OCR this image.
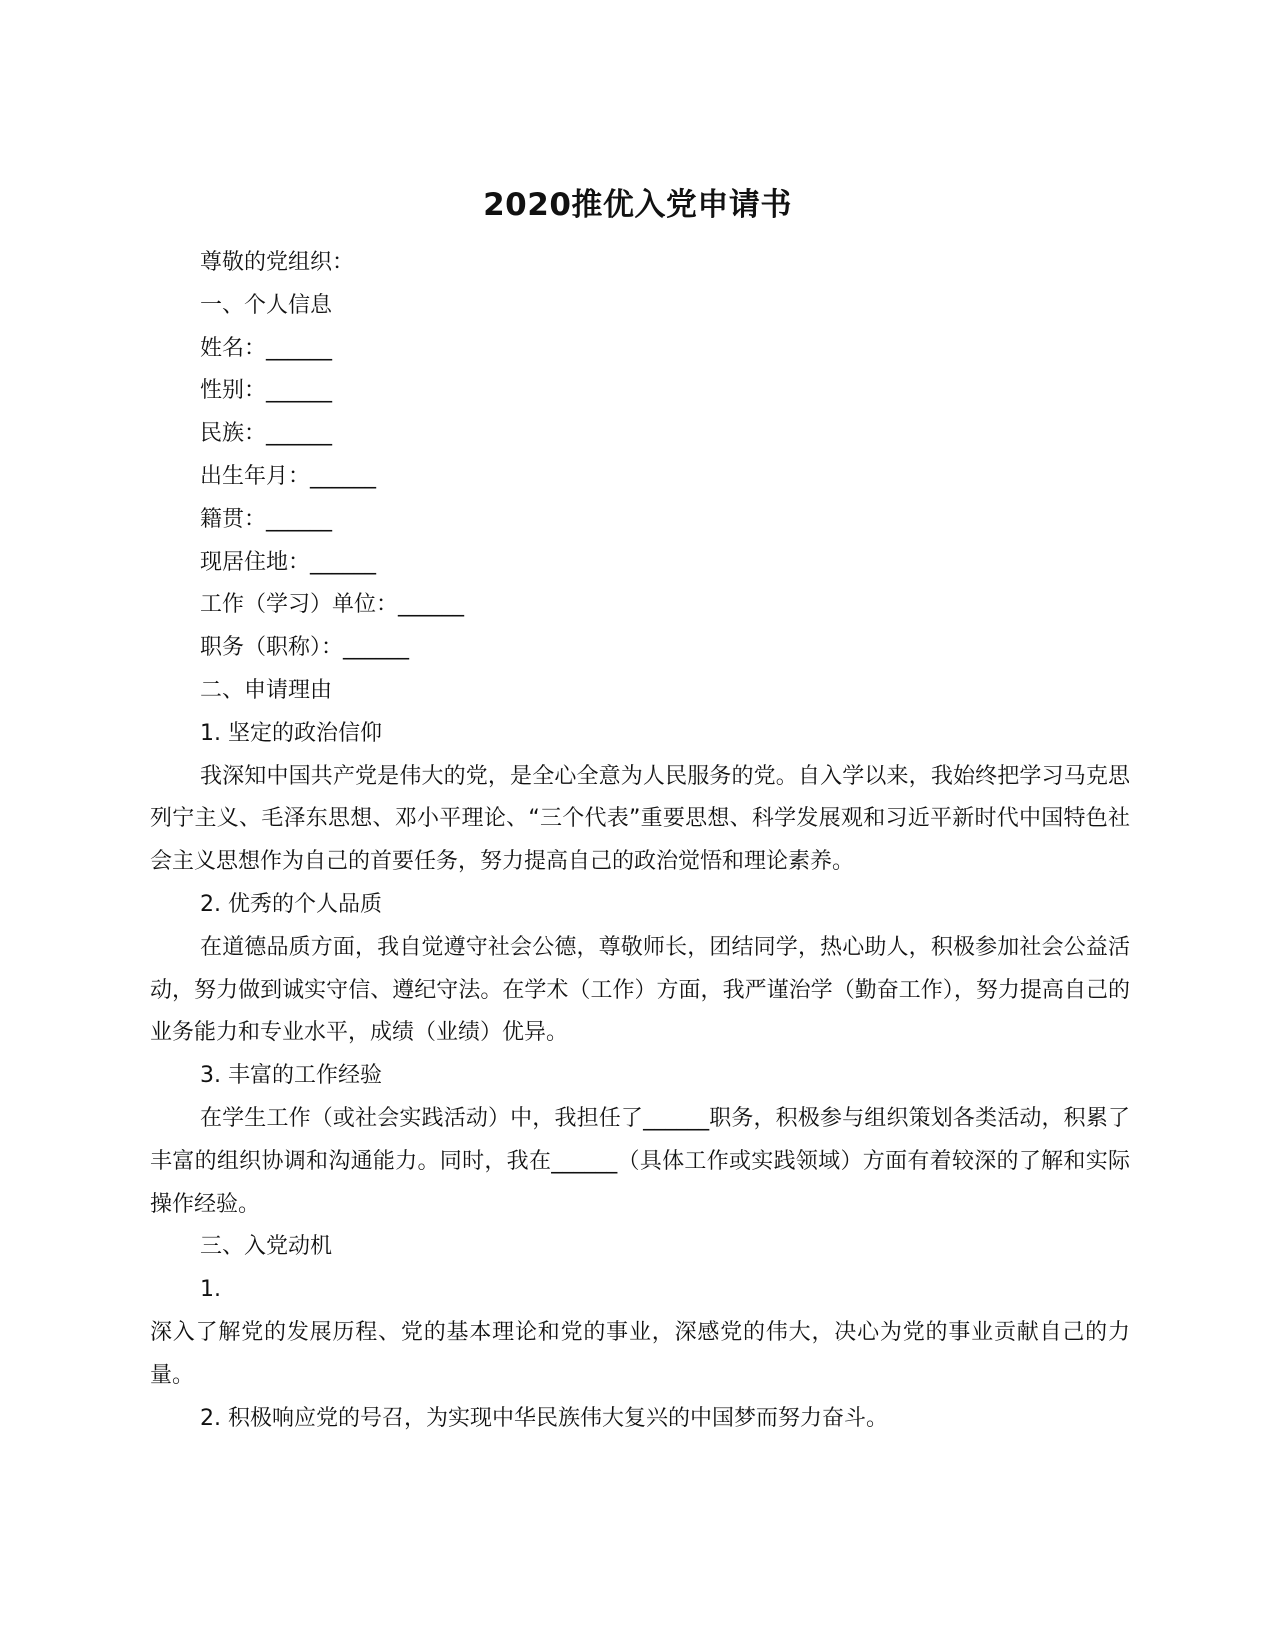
2020推优入党申请书

尊敬的党组织：

一、个人信息

姓名：______

性别：______

民族：______

出生年月：______

籍贯：______

现居住地：______

工作（学习）单位：______

职务（职称）：______

二、申请理由

1. 坚定的政治信仰

我深知中国共产党是伟大的党，是全心全意为人民服务的党。自入学以来，我始终把学习马克思列宁主义、毛泽东思想、邓小平理论、“三个代表”重要思想、科学发展观和习近平新时代中国特色社会主义思想作为自己的首要任务，努力提高自己的政治觉悟和理论素养。

2. 优秀的个人品质

在道德品质方面，我自觉遵守社会公德，尊敬师长，团结同学，热心助人，积极参加社会公益活动，努力做到诚实守信、遵纪守法。在学术（工作）方面，我严谨治学（勤奋工作），努力提高自己的业务能力和专业水平，成绩（业绩）优异。

3. 丰富的工作经验

在学生工作（或社会实践活动）中，我担任了______职务，积极参与组织策划各类活动，积累了丰富的组织协调和沟通能力。同时，我在______（具体工作或实践领域）方面有着较深的了解和实际操作经验。

三、入党动机

1.

深入了解党的发展历程、党的基本理论和党的事业，深感党的伟大，决心为党的事业贡献自己的力量。

2. 积极响应党的号召，为实现中华民族伟大复兴的中国梦而努力奋斗。
